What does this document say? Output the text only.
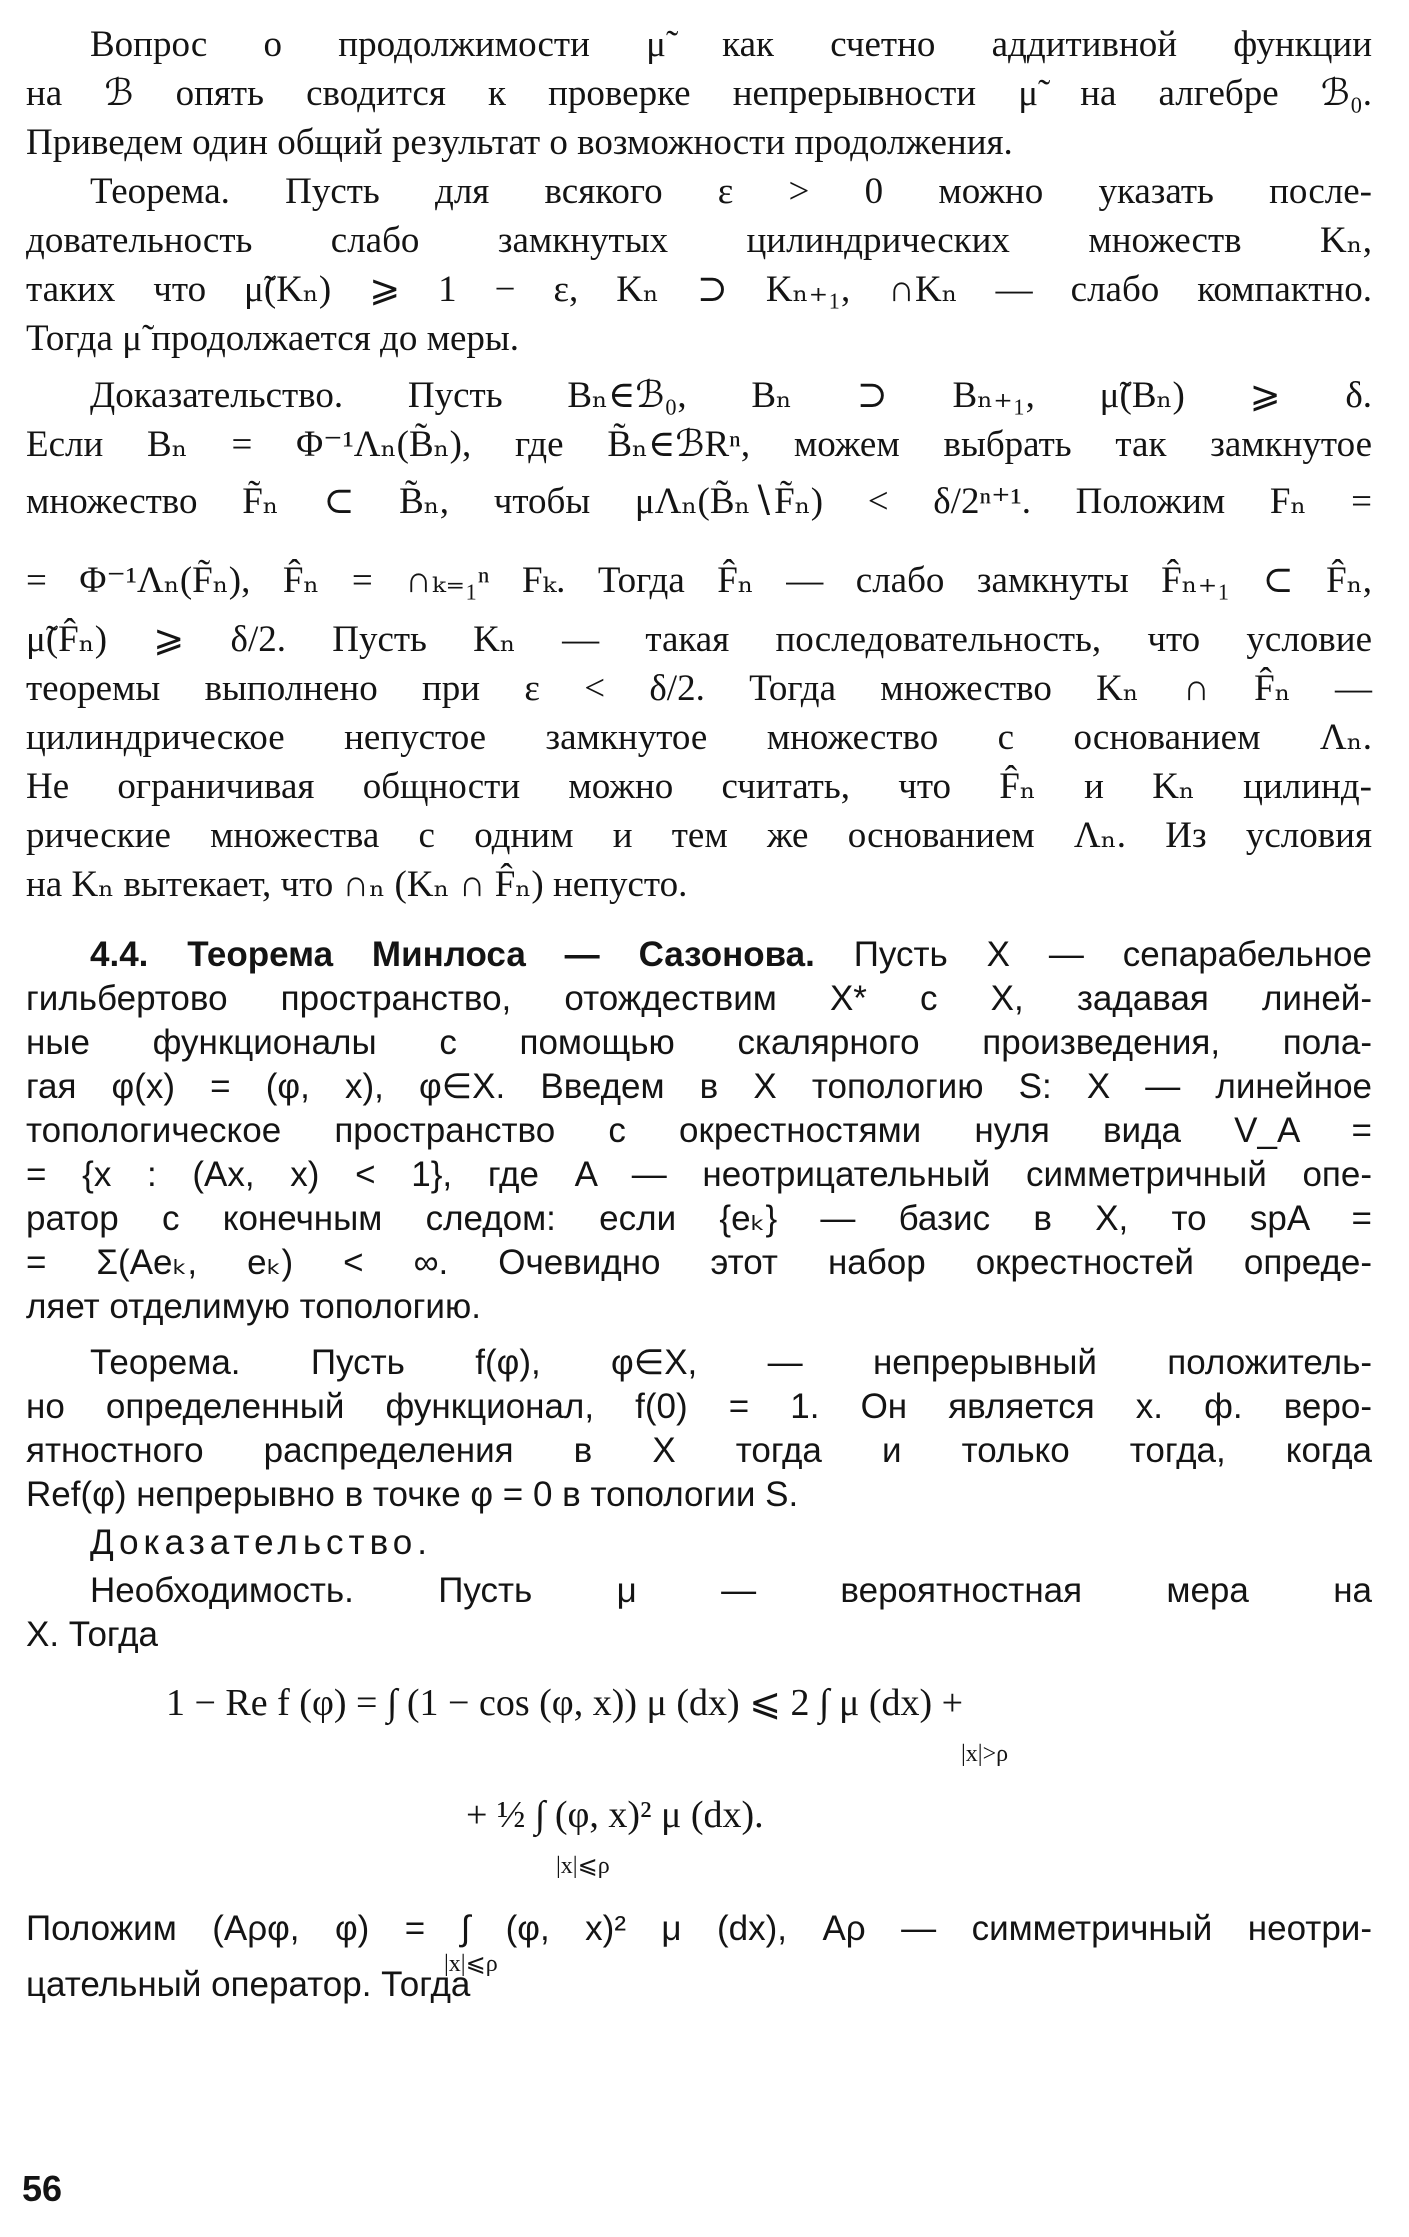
Вопрос о продолжимости μ̃ как счетно аддитивной функции

на ℬ опять сводится к проверке непрерывности μ̃ на алгебре ℬ₀.

Приведем один общий результат о возможности продолжения.

Теорема. Пусть для всякого ε > 0 можно указать после-

довательность слабо замкнутых цилиндрических множеств Kₙ,

таких что μ̃(Kₙ) ⩾ 1 − ε, Kₙ ⊃ Kₙ₊₁, ∩Kₙ — слабо компактно.

Тогда μ̃ продолжается до меры.

Доказательство. Пусть Bₙ∈ℬ₀, Bₙ ⊃ Bₙ₊₁, μ̃(Bₙ) ⩾ δ.

Если Bₙ = Φ⁻¹Λₙ(B̃ₙ), где B̃ₙ∈ℬRⁿ, можем выбрать так замкнутое

множество F̃ₙ ⊂ B̃ₙ, чтобы μΛₙ(B̃ₙ∖F̃ₙ) < δ/2ⁿ⁺¹. Положим Fₙ =

= Φ⁻¹Λₙ(F̃ₙ), F̂ₙ = ∩ₖ₌₁ⁿ Fₖ. Тогда F̂ₙ — слабо замкнуты F̂ₙ₊₁ ⊂ F̂ₙ,

μ̃(F̂ₙ) ⩾ δ/2. Пусть Kₙ — такая последовательность, что условие

теоремы выполнено при ε < δ/2. Тогда множество Kₙ ∩ F̂ₙ —

цилиндрическое непустое замкнутое множество с основанием Λₙ.

Не ограничивая общности можно считать, что F̂ₙ и Kₙ цилинд-

рические множества с одним и тем же основанием Λₙ. Из условия

на Kₙ вытекает, что ∩ₙ (Kₙ ∩ F̂ₙ) непусто.

4.4. Теорема Минлоса — Сазонова. Пусть X — сепарабельное

гильбертово пространство, отождествим X* с X, задавая линей-

ные функционалы с помощью скалярного произведения, пола-

гая φ(x) = (φ, x), φ∈X. Введем в X топологию S: X — линейное

топологическое пространство с окрестностями нуля вида V_A =

= {x : (Ax, x) < 1}, где A — неотрицательный симметричный опе-

ратор с конечным следом: если {eₖ} — базис в X, то spA =

= Σ(Aeₖ, eₖ) < ∞. Очевидно этот набор окрестностей опреде-

ляет отделимую топологию.

Теорема. Пусть f(φ), φ∈X, — непрерывный положитель-

но определенный функционал, f(0) = 1. Он является х. ф. веро-

ятностного распределения в X тогда и только тогда, когда

Ref(φ) непрерывно в точке φ = 0 в топологии S.

Доказательство.

Необходимость. Пусть μ — вероятностная мера на

X. Тогда

1 − Re f (φ) = ∫ (1 − cos (φ, x)) μ (dx) ⩽ 2 ∫ μ (dx) +
|x|>ρ
+ ½ ∫ (φ, x)² μ (dx).
|x|⩽ρ

Положим (Aρφ, φ) = ∫ (φ, x)² μ (dx), Aρ — симметричный неотри-

|x|⩽ρ

цательный оператор. Тогда

56
